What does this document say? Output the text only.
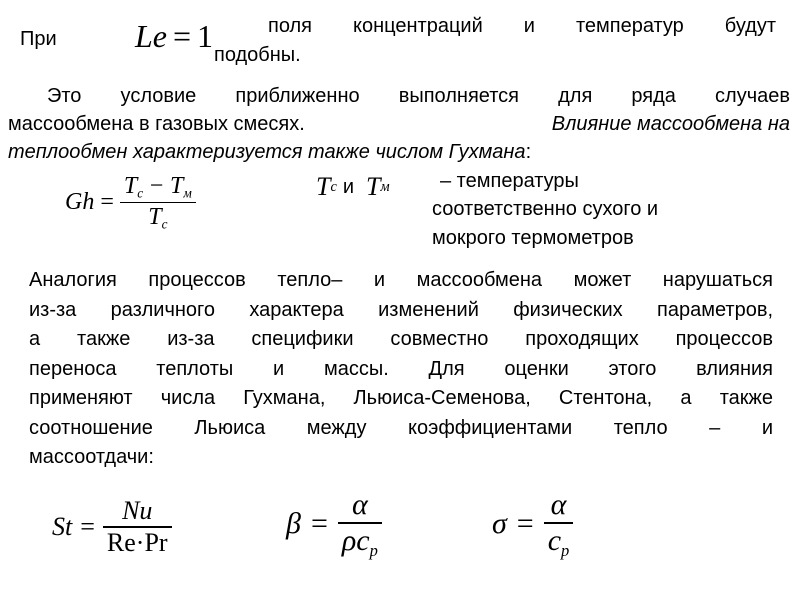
При Le = 1	поля концентраций и температур будут
подобны.
Это условие приближенно выполняется для ряда случаев
массообмена в газовых смесях.	Влияние массообмена на
теплообмен характеризуется также числом Гухмана:
$Gh = \frac{T_c - T_м}{T_c}$	T c и T м	– температуры
соответственно сухого и
мокрого термометров
Аналогия процессов тепло– и массообмена может нарушаться
из-за различного характера изменений физических параметров,
а также из-за специфики совместно проходящих процессов
переноса теплоты и массы. Для оценки этого влияния
применяют числа Гухмана, Льюиса-Семенова, Стентона, а также
соотношение Льюиса между коэффициентами тепло – и
массоотдачи:
$St = \frac{Nu}{Re\cdot Pr}$	$\beta = \frac{\alpha}{\rho c_p}$	$\sigma = \frac{\alpha}{c_p}$
